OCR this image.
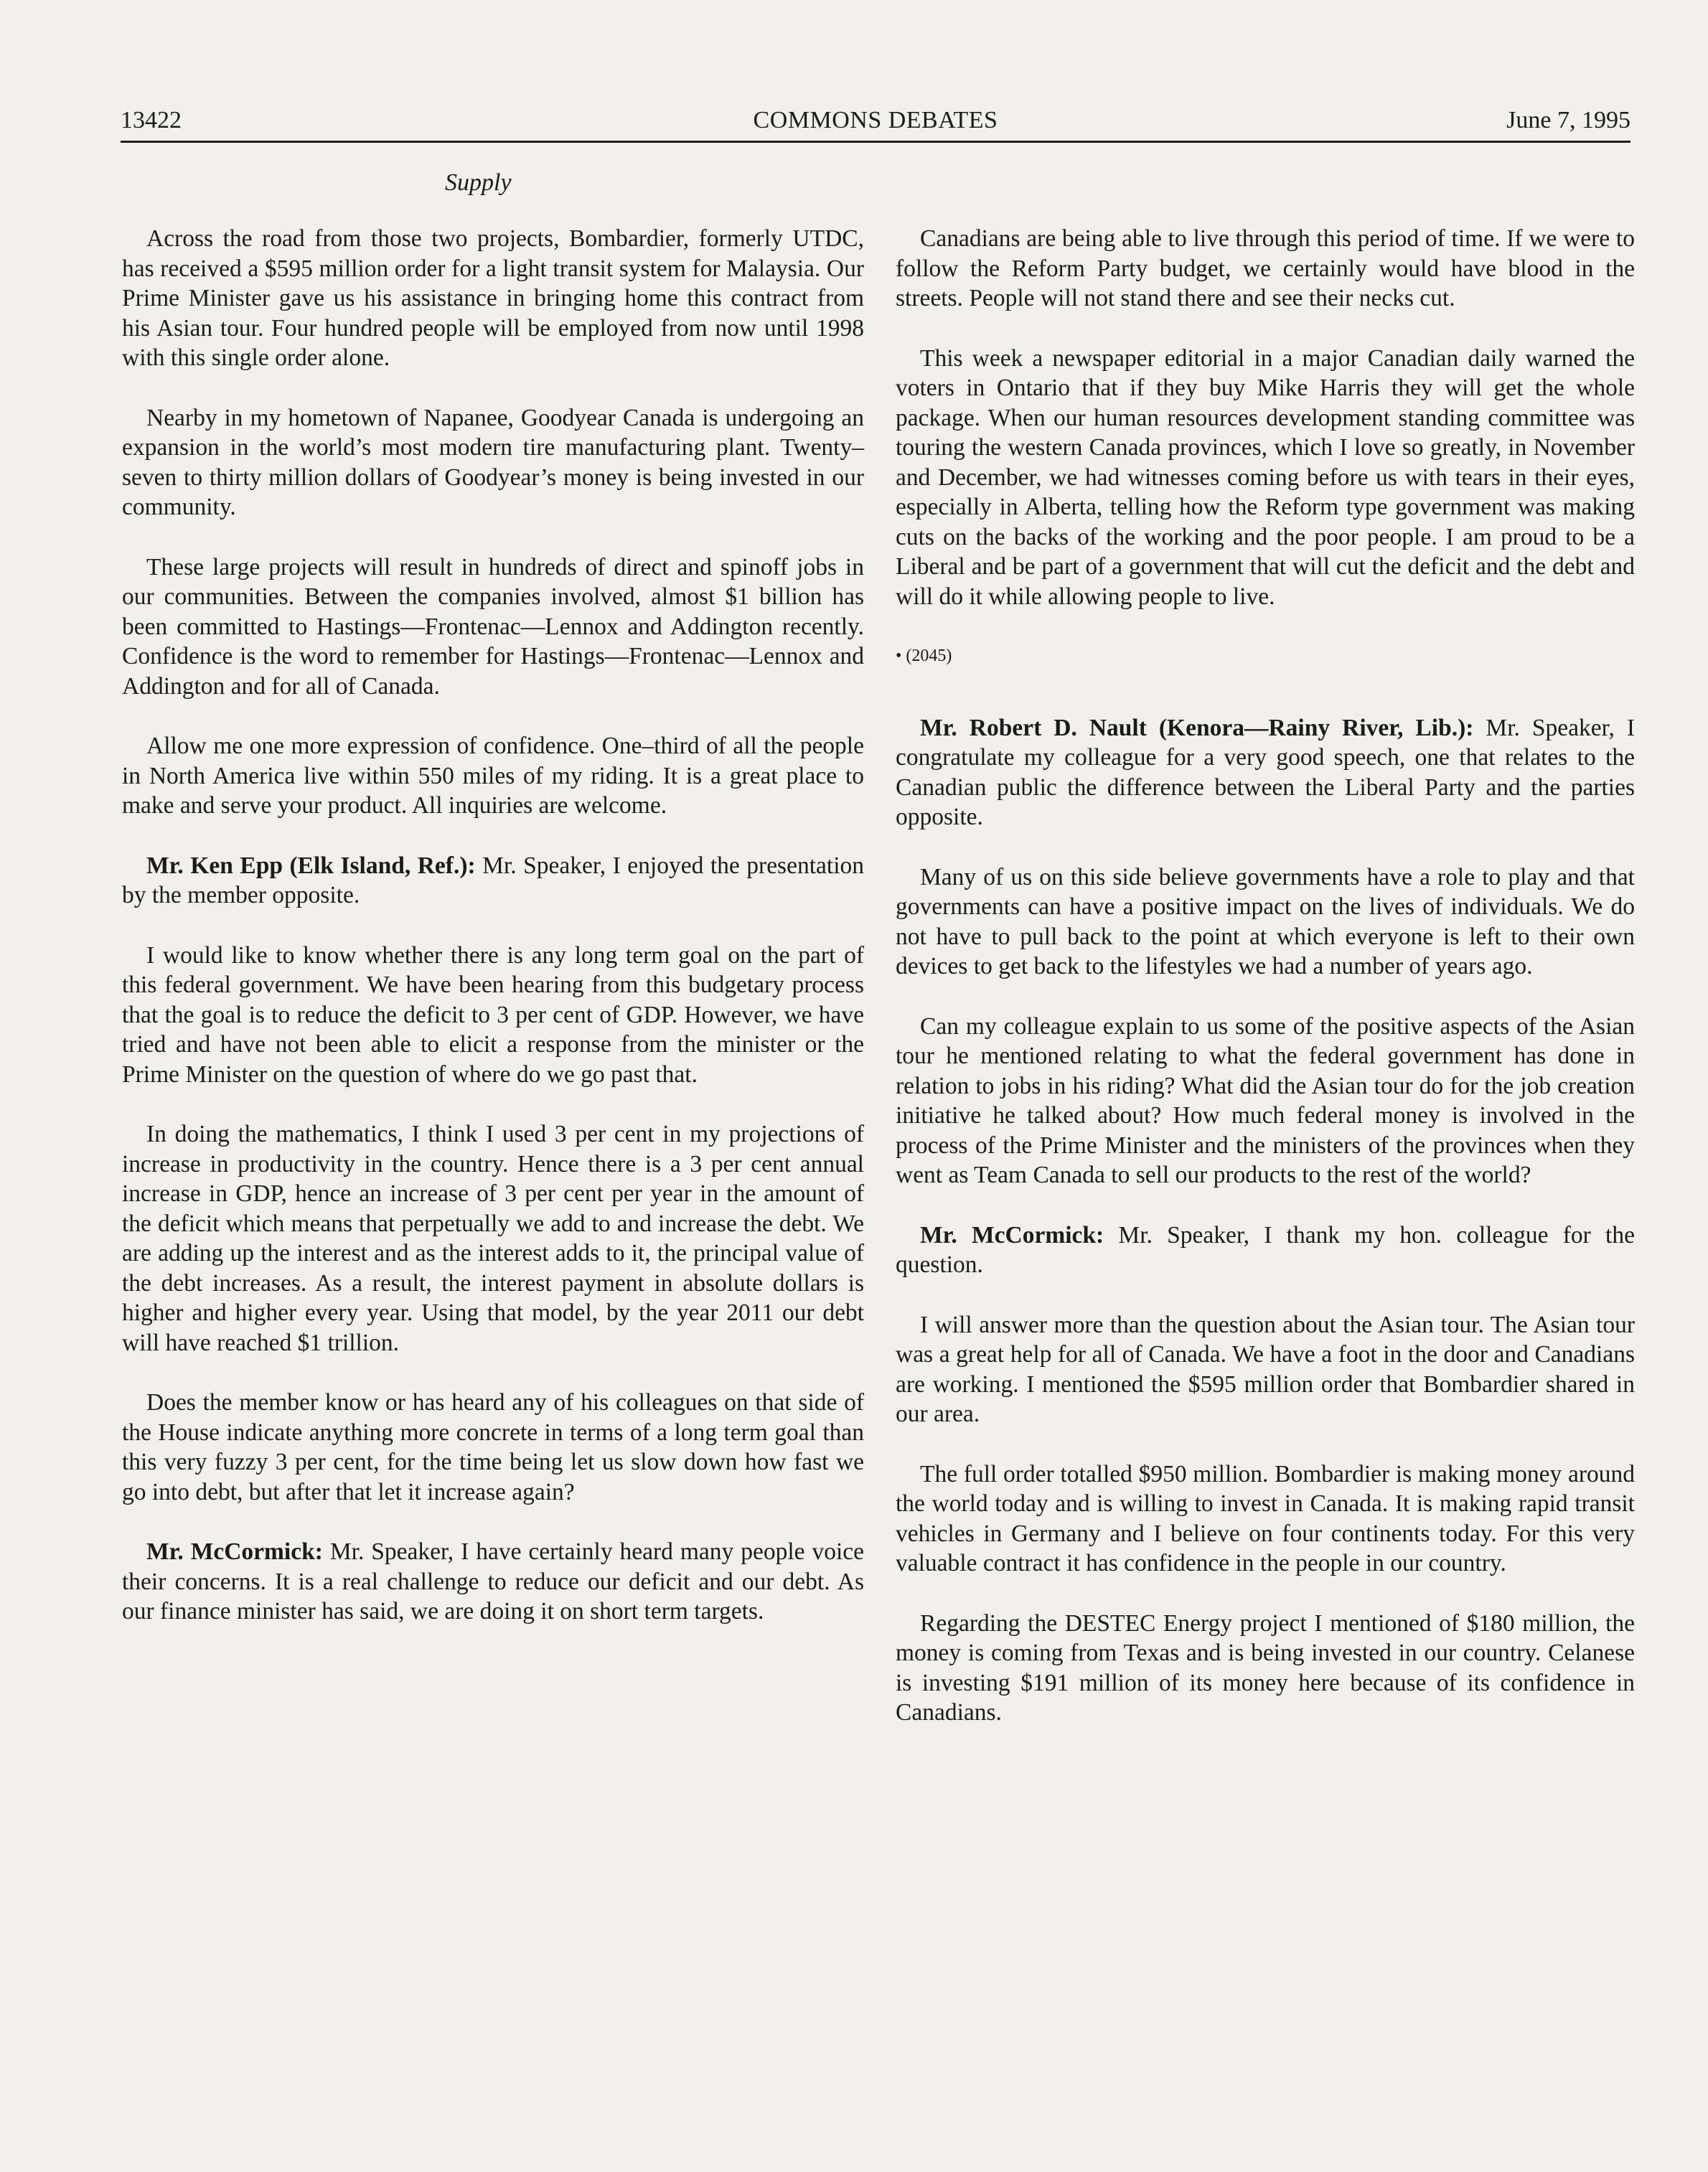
13422	COMMONS DEBATES	June 7, 1995
Supply

Across the road from those two projects, Bombardier, formerly UTDC, has received a $595 million order for a light transit system for Malaysia. Our Prime Minister gave us his assistance in bringing home this contract from his Asian tour. Four hundred people will be employed from now until 1998 with this single order alone.

Nearby in my hometown of Napanee, Goodyear Canada is undergoing an expansion in the world’s most modern tire manufacturing plant. Twenty–seven to thirty million dollars of Goodyear’s money is being invested in our community.

These large projects will result in hundreds of direct and spinoff jobs in our communities. Between the companies involved, almost $1 billion has been committed to Hastings—Frontenac—Lennox and Addington recently. Confidence is the word to remember for Hastings—Frontenac—Lennox and Addington and for all of Canada.

Allow me one more expression of confidence. One–third of all the people in North America live within 550 miles of my riding. It is a great place to make and serve your product. All inquiries are welcome.

Mr. Ken Epp (Elk Island, Ref.): Mr. Speaker, I enjoyed the presentation by the member opposite.

I would like to know whether there is any long term goal on the part of this federal government. We have been hearing from this budgetary process that the goal is to reduce the deficit to 3 per cent of GDP. However, we have tried and have not been able to elicit a response from the minister or the Prime Minister on the question of where do we go past that.

In doing the mathematics, I think I used 3 per cent in my projections of increase in productivity in the country. Hence there is a 3 per cent annual increase in GDP, hence an increase of 3 per cent per year in the amount of the deficit which means that perpetually we add to and increase the debt. We are adding up the interest and as the interest adds to it, the principal value of the debt increases. As a result, the interest payment in absolute dollars is higher and higher every year. Using that model, by the year 2011 our debt will have reached $1 trillion.

Does the member know or has heard any of his colleagues on that side of the House indicate anything more concrete in terms of a long term goal than this very fuzzy 3 per cent, for the time being let us slow down how fast we go into debt, but after that let it increase again?

Mr. McCormick: Mr. Speaker, I have certainly heard many people voice their concerns. It is a real challenge to reduce our deficit and our debt. As our finance minister has said, we are doing it on short term targets.

Canadians are being able to live through this period of time. If we were to follow the Reform Party budget, we certainly would have blood in the streets. People will not stand there and see their necks cut.

This week a newspaper editorial in a major Canadian daily warned the voters in Ontario that if they buy Mike Harris they will get the whole package. When our human resources development standing committee was touring the western Canada provinces, which I love so greatly, in November and December, we had witnesses coming before us with tears in their eyes, especially in Alberta, telling how the Reform type government was making cuts on the backs of the working and the poor people. I am proud to be a Liberal and be part of a government that will cut the deficit and the debt and will do it while allowing people to live.

• (2045)

Mr. Robert D. Nault (Kenora—Rainy River, Lib.): Mr. Speaker, I congratulate my colleague for a very good speech, one that relates to the Canadian public the difference between the Liberal Party and the parties opposite.

Many of us on this side believe governments have a role to play and that governments can have a positive impact on the lives of individuals. We do not have to pull back to the point at which everyone is left to their own devices to get back to the lifestyles we had a number of years ago.

Can my colleague explain to us some of the positive aspects of the Asian tour he mentioned relating to what the federal government has done in relation to jobs in his riding? What did the Asian tour do for the job creation initiative he talked about? How much federal money is involved in the process of the Prime Minister and the ministers of the provinces when they went as Team Canada to sell our products to the rest of the world?

Mr. McCormick: Mr. Speaker, I thank my hon. colleague for the question.

I will answer more than the question about the Asian tour. The Asian tour was a great help for all of Canada. We have a foot in the door and Canadians are working. I mentioned the $595 million order that Bombardier shared in our area.

The full order totalled $950 million. Bombardier is making money around the world today and is willing to invest in Canada. It is making rapid transit vehicles in Germany and I believe on four continents today. For this very valuable contract it has confidence in the people in our country.

Regarding the DESTEC Energy project I mentioned of $180 million, the money is coming from Texas and is being invested in our country. Celanese is investing $191 million of its money here because of its confidence in Canadians.
